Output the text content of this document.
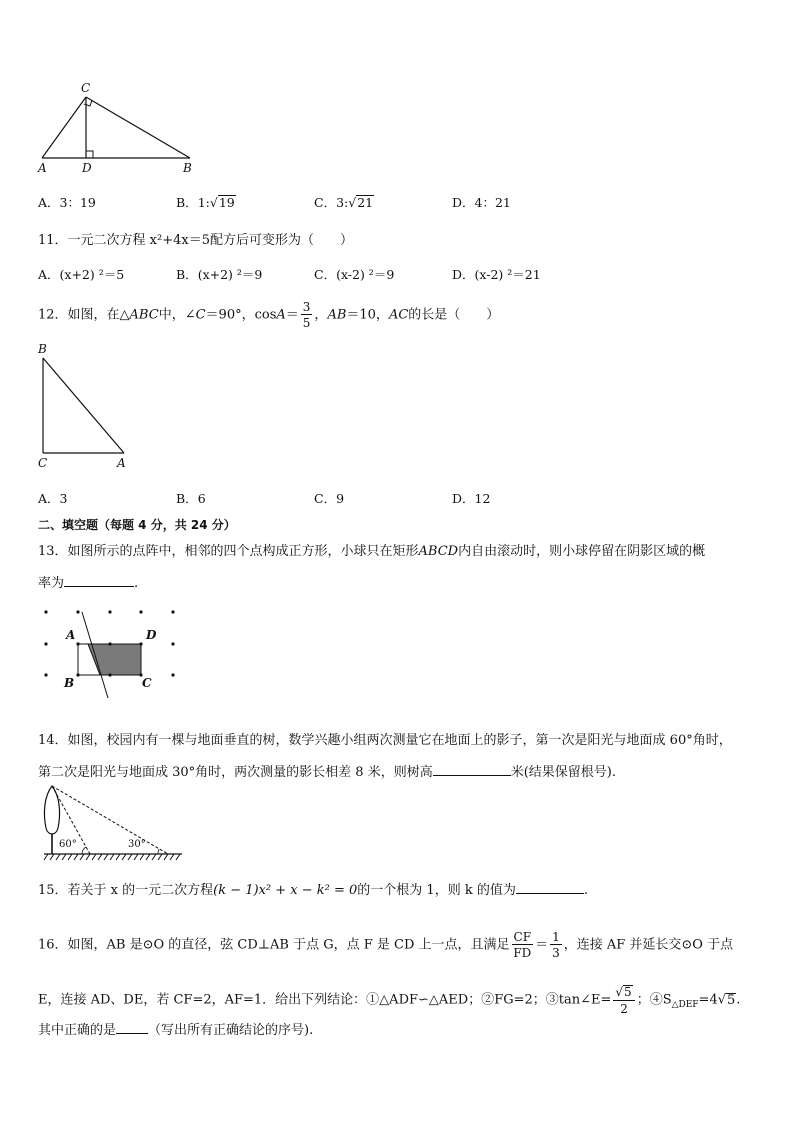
C
A	D	B
A．3：19	B．1:√19	C．3:√21	D．4：21
11．一元二次方程 x²+4x＝5配方后可变形为（　　）
A．(x+2) ²＝5	B．(x+2) ²＝9	C．(x-2) ²＝9	D．(x-2) ²＝21
12．如图，在△ABC中，∠C＝90°，$\cos A= \frac{3}{5}$ ，AB＝10，AC的长是（　　）
B
C	A
A．3	B．6	C．9	D．12
二、填空题（每题 4 分，共 24 分）
13．如图所示的点阵中，相邻的四个点构成正方形，小球只在矩形ABCD内自由滚动时，则小球停留在阴影区域的概
率为	.
A	D
B	C
14．如图，校园内有一棵与地面垂直的树，数学兴趣小组两次测量它在地面上的影子，第一次是阳光与地面成 60°角时，
第二次是阳光与地面成 30°角时，两次测量的影长相差 8 米，则树高	米(结果保留根号).
60°	30°
15．若关于 x 的一元二次方程(k − 1)x² + x − k² = 0的一个根为 1，则 k 的值为	.
16．如图，AB 是⊙O 的直径，弦 CD⊥AB 于点 G，点 F 是 CD 上一点，且满足 $\frac{CF}{FD} = \frac{1}{3}$ ，连接 AF 并延长交⊙O 于点
E，连接 AD、DE，若 CF=2，AF=1．给出下列结论：①△ADF∽△AED；②FG=2；③tan∠E= $\frac{√5}{2}$ ；$④S_{\triangle DEF}=4√5$.
其中正确的是 （写出所有正确结论的序号).
